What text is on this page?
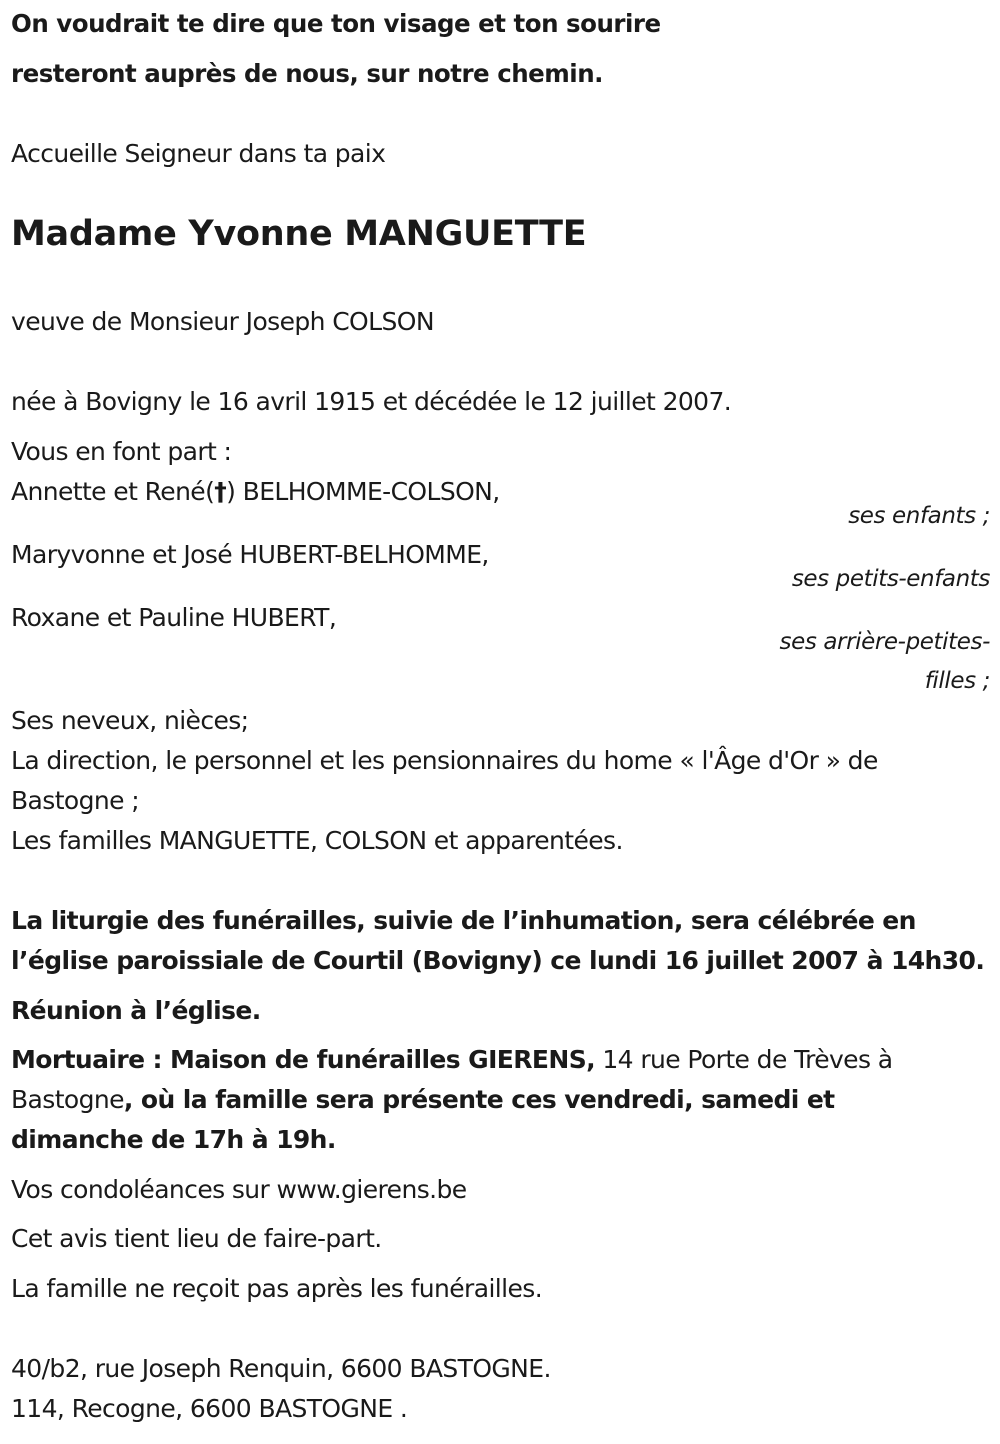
On voudrait te dire que ton visage et ton sourire
resteront auprès de nous, sur notre chemin.
Accueille Seigneur dans ta paix
Madame Yvonne MANGUETTE
veuve de Monsieur Joseph COLSON
née à Bovigny le 16 avril 1915 et décédée le 12 juillet 2007.
Vous en font part :
Annette et René(†) BELHOMME-COLSON,
ses enfants ;
Maryvonne et José HUBERT-BELHOMME,
ses petits-enfants
Roxane et Pauline HUBERT,
ses arrière-petites-
filles ;
Ses neveux, nièces;
La direction, le personnel et les pensionnaires du home « l'Âge d'Or » de
Bastogne ;
Les familles MANGUETTE, COLSON et apparentées.
La liturgie des funérailles, suivie de l’inhumation, sera célébrée en
l’église paroissiale de Courtil (Bovigny) ce lundi 16 juillet 2007 à 14h30.
Réunion à l’église.
Mortuaire : Maison de funérailles GIERENS, 14 rue Porte de Trèves à
Bastogne, où la famille sera présente ces vendredi, samedi et
dimanche de 17h à 19h.
Vos condoléances sur www.gierens.be
Cet avis tient lieu de faire-part.
La famille ne reçoit pas après les funérailles.
40/b2, rue Joseph Renquin, 6600 BASTOGNE.
114, Recogne, 6600 BASTOGNE .
